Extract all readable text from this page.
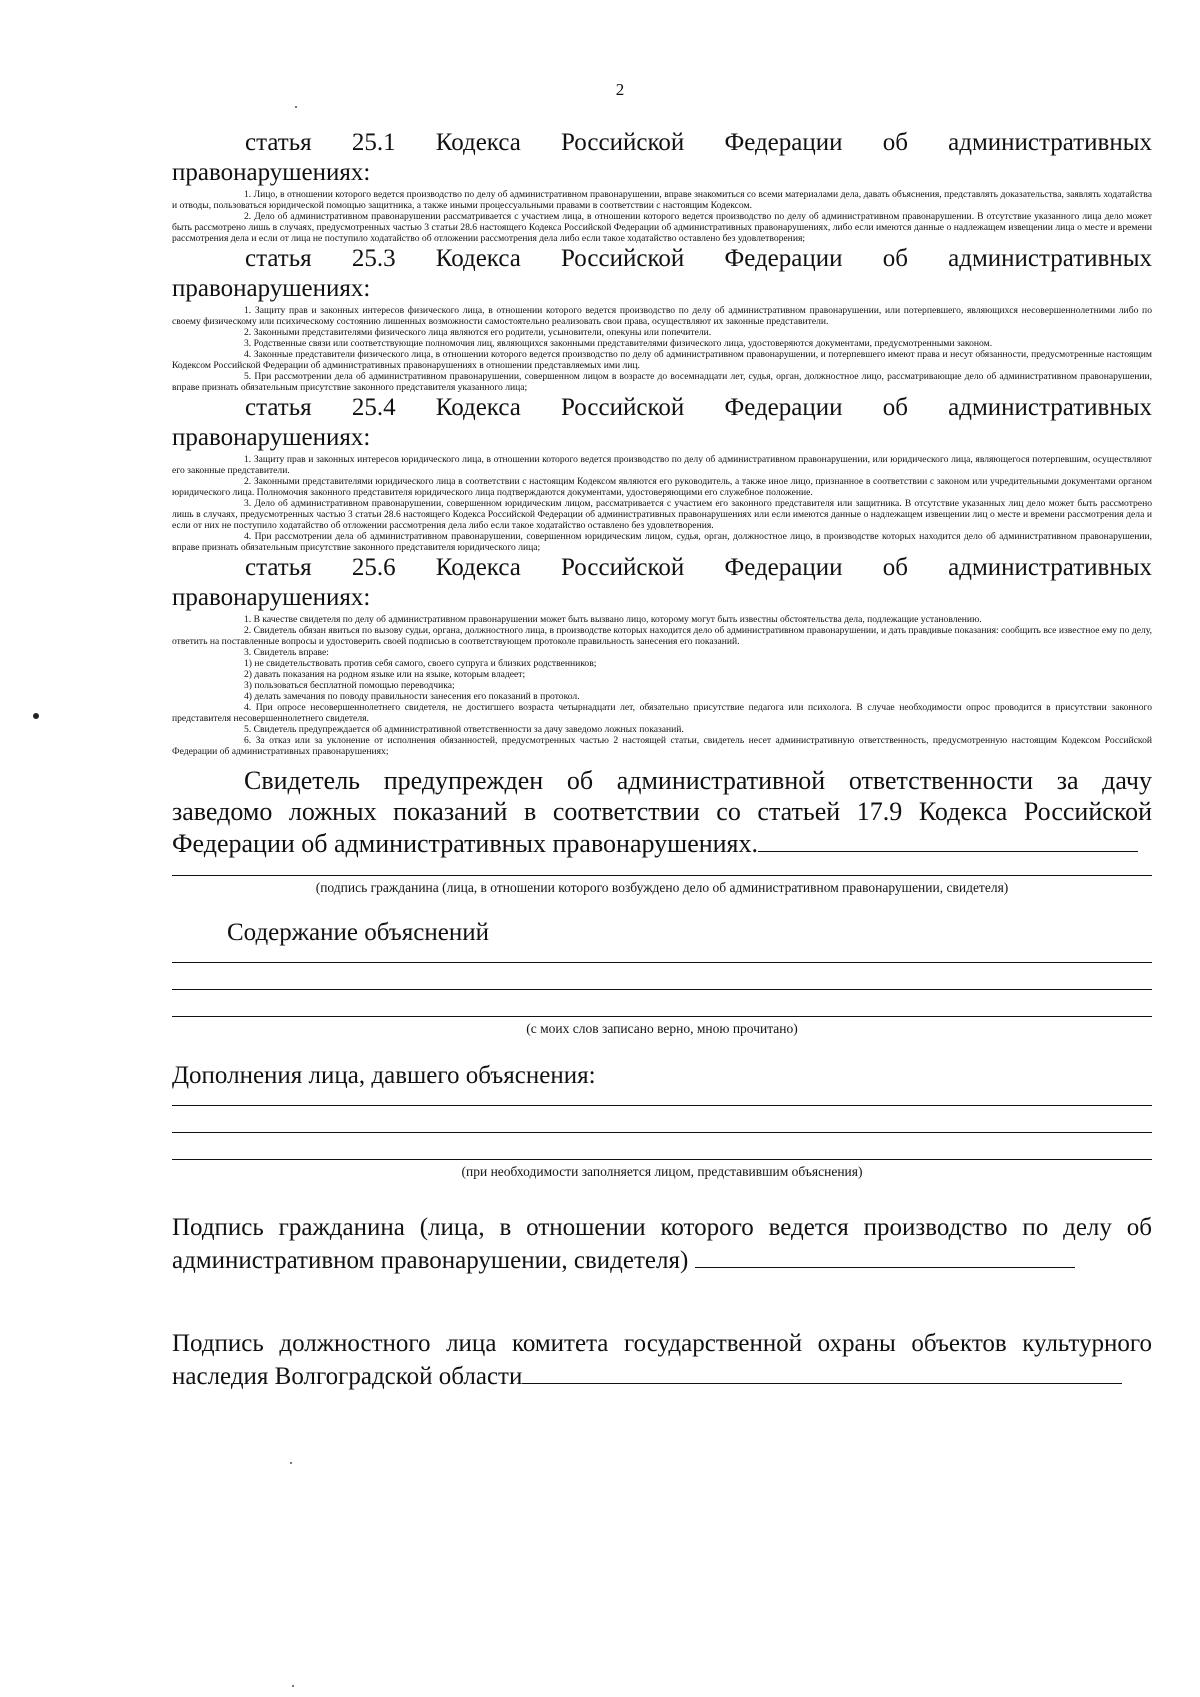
2
статья 25.1 Кодекса Российской Федерации об административных
правонарушениях:

1. Лицо, в отношении которого ведется производство по делу об административном правонарушении, вправе знакомиться со всеми материалами дела, давать объяснения, представлять доказательства, заявлять ходатайства и отводы, пользоваться юридической помощью защитника, а также иными процессуальными правами в соответствии с настоящим Кодексом.

2. Дело об административном правонарушении рассматривается с участием лица, в отношении которого ведется производство по делу об административном правонарушении. В отсутствие указанного лица дело может быть рассмотрено лишь в случаях, предусмотренных частью 3 статьи 28.6 настоящего Кодекса Российской Федерации об административных правонарушениях, либо если имеются данные о надлежащем извещении лица о месте и времени рассмотрения дела и если от лица не поступило ходатайство об отложении рассмотрения дела либо если такое ходатайство оставлено без удовлетворения;

статья 25.3 Кодекса Российской Федерации об административных
правонарушениях:

1. Защиту прав и законных интересов физического лица, в отношении которого ведется производство по делу об административном правонарушении, или потерпевшего, являющихся несовершеннолетними либо по своему физическому или психическому состоянию лишенных возможности самостоятельно реализовать свои права, осуществляют их законные представители.

2. Законными представителями физического лица являются его родители, усыновители, опекуны или попечители.

3. Родственные связи или соответствующие полномочия лиц, являющихся законными представителями физического лица, удостоверяются документами, предусмотренными законом.

4. Законные представители физического лица, в отношении которого ведется производство по делу об административном правонарушении, и потерпевшего имеют права и несут обязанности, предусмотренные настоящим Кодексом Российской Федерации об административных правонарушениях в отношении представляемых ими лиц.

5. При рассмотрении дела об административном правонарушении, совершенном лицом в возрасте до восемнадцати лет, судья, орган, должностное лицо, рассматривающие дело об административном правонарушении, вправе признать обязательным присутствие законного представителя указанного лица;

статья 25.4 Кодекса Российской Федерации об административных
правонарушениях:

1. Защиту прав и законных интересов юридического лица, в отношении которого ведется производство по делу об административном правонарушении, или юридического лица, являющегося потерпевшим, осуществляют его законные представители.

2. Законными представителями юридического лица в соответствии с настоящим Кодексом являются его руководитель, а также иное лицо, признанное в соответствии с законом или учредительными документами органом юридического лица. Полномочия законного представителя юридического лица подтверждаются документами, удостоверяющими его служебное положение.

3. Дело об административном правонарушении, совершенном юридическим лицом, рассматривается с участием его законного представителя или защитника. В отсутствие указанных лиц дело может быть рассмотрено лишь в случаях, предусмотренных частью 3 статьи 28.6 настоящего Кодекса Российской Федерации об административных правонарушениях или если имеются данные о надлежащем извещении лиц о месте и времени рассмотрения дела и если от них не поступило ходатайство об отложении рассмотрения дела либо если такое ходатайство оставлено без удовлетворения.

4. При рассмотрении дела об административном правонарушении, совершенном юридическим лицом, судья, орган, должностное лицо, в производстве которых находится дело об административном правонарушении, вправе признать обязательным присутствие законного представителя юридического лица;

статья 25.6 Кодекса Российской Федерации об административных
правонарушениях:

1. В качестве свидетеля по делу об административном правонарушении может быть вызвано лицо, которому могут быть известны обстоятельства дела, подлежащие установлению.

2. Свидетель обязан явиться по вызову судьи, органа, должностного лица, в производстве которых находится дело об административном правонарушении, и дать правдивые показания: сообщить все известное ему по делу, ответить на поставленные вопросы и удостоверить своей подписью в соответствующем протоколе правильность занесения его показаний.

3. Свидетель вправе:

1) не свидетельствовать против себя самого, своего супруга и близких родственников;

2) давать показания на родном языке или на языке, которым владеет;

3) пользоваться бесплатной помощью переводчика;

4) делать замечания по поводу правильности занесения его показаний в протокол.

4. При опросе несовершеннолетнего свидетеля, не достигшего возраста четырнадцати лет, обязательно присутствие педагога или психолога. В случае необходимости опрос проводится в присутствии законного представителя несовершеннолетнего свидетеля.

5. Свидетель предупреждается об административной ответственности за дачу заведомо ложных показаний.

6. За отказ или за уклонение от исполнения обязанностей, предусмотренных частью 2 настоящей статьи, свидетель несет административную ответственность, предусмотренную настоящим Кодексом Российской Федерации об административных правонарушениях;

Свидетель предупрежден об административной ответственности за дачу заведомо ложных показаний в соответствии со статьей 17.9 Кодекса Российской Федерации об административных правонарушениях.
(подпись гражданина (лица, в отношении которого возбуждено дело об административном правонарушении, свидетеля)
Содержание объяснений
(с моих слов записано верно, мною прочитано)
Дополнения лица, давшего объяснения:
(при необходимости заполняется лицом, представившим объяснения)
Подпись гражданина (лица, в отношении которого ведется производство по делу об административном правонарушении, свидетеля)
Подпись должностного лица комитета государственной охраны объектов культурного наследия Волгоградской области
